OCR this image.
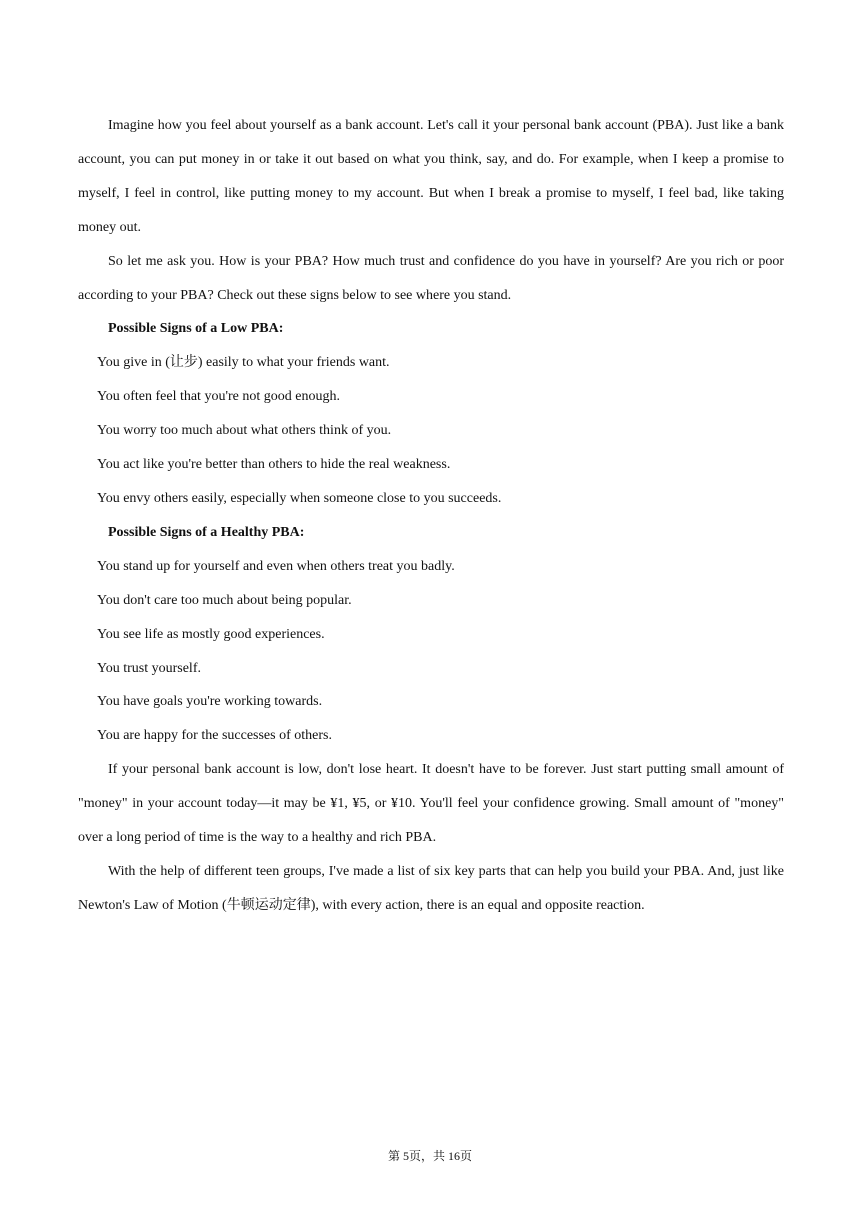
Imagine how you feel about yourself as a bank account. Let's call it your personal bank account (PBA). Just like a bank account, you can put money in or take it out based on what you think, say, and do. For example, when I keep a promise to myself, I feel in control, like putting money to my account. But when I break a promise to myself, I feel bad, like taking money out.

So let me ask you. How is your PBA? How much trust and confidence do you have in yourself? Are you rich or poor according to your PBA? Check out these signs below to see where you stand.

Possible Signs of a Low PBA:

You give in (让步) easily to what your friends want.

You often feel that you're not good enough.

You worry too much about what others think of you.

You act like you're better than others to hide the real weakness.

You envy others easily, especially when someone close to you succeeds.

Possible Signs of a Healthy PBA:

You stand up for yourself and even when others treat you badly.

You don't care too much about being popular.

You see life as mostly good experiences.

You trust yourself.

You have goals you're working towards.

You are happy for the successes of others.

If your personal bank account is low, don't lose heart. It doesn't have to be forever. Just start putting small amount of "money" in your account today—it may be ¥1, ¥5, or ¥10. You'll feel your confidence growing. Small amount of "money" over a long period of time is the way to a healthy and rich PBA.

With the help of different teen groups, I've made a list of six key parts that can help you build your PBA. And, just like Newton's Law of Motion (牛顿运动定律), with every action, there is an equal and opposite reaction.

第 5页，共 16页
